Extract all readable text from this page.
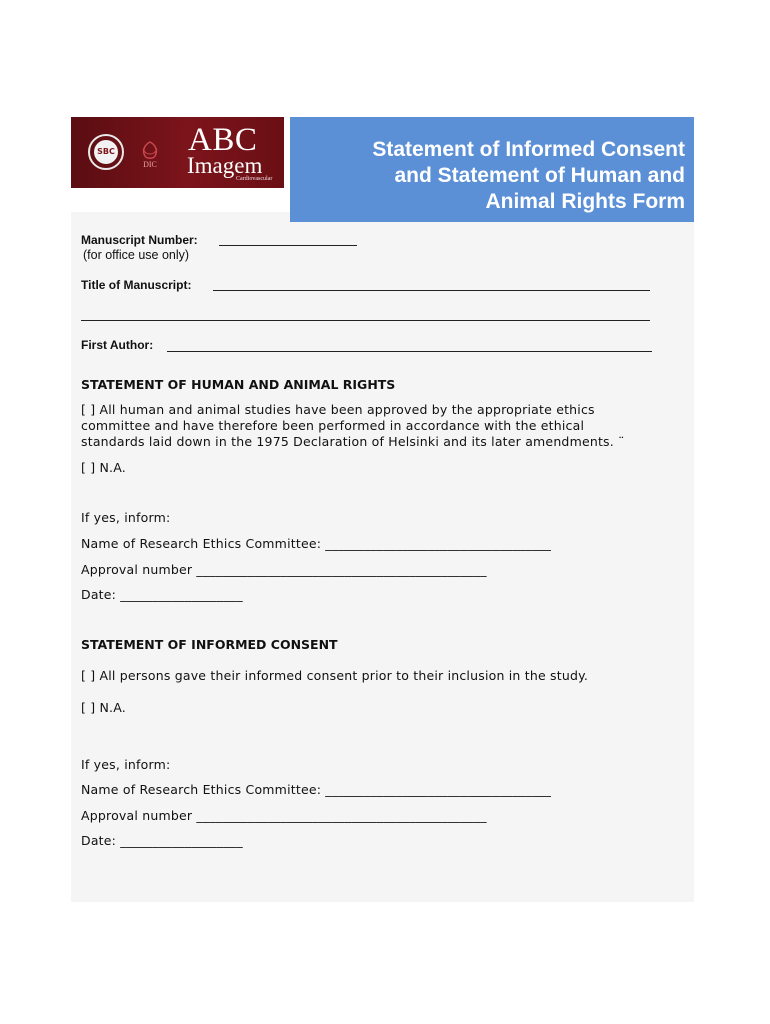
SBC
DIC
ABC
Imagem
Cardiovascular
Statement of Informed Consent
and Statement of Human and
Animal Rights Form
Manuscript Number:
(for office use only)
Title of Manuscript:
First Author:
STATEMENT OF HUMAN AND ANIMAL RIGHTS
[ ] All human and animal studies have been approved by the appropriate ethics
committee and have therefore been performed in accordance with the ethical
standards laid down in the 1975 Declaration of Helsinki and its later amendments. ¨
[ ] N.A.
If yes, inform:
Name of Research Ethics Committee: ___________________________________
Approval number _____________________________________________
Date: ___________________
STATEMENT OF INFORMED CONSENT
[ ] All persons gave their informed consent prior to their inclusion in the study.
[ ] N.A.
If yes, inform:
Name of Research Ethics Committee: ___________________________________
Approval number _____________________________________________
Date: ___________________
